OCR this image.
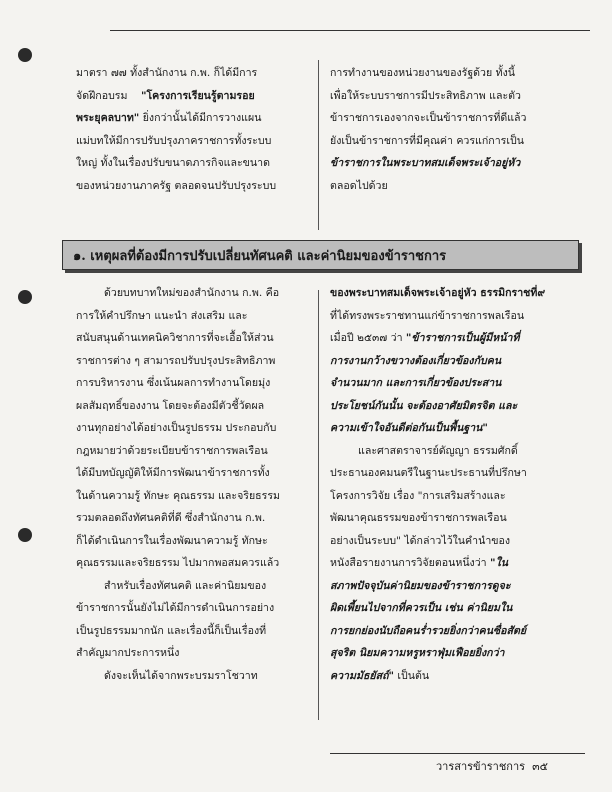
มาตรา ๗๗ ทั้งสำนักงาน ก.พ. ก็ได้มีการ

จัดฝึกอบรม "โครงการเรียนรู้ตามรอย

พระยุคลบาท" ยิ่งกว่านั้นได้มีการวางแผน

แม่บทให้มีการปรับปรุงภาคราชการทั้งระบบ

ใหญ่ ทั้งในเรื่องปรับขนาดภารกิจและขนาด

ของหน่วยงานภาครัฐ ตลอดจนปรับปรุงระบบ

การทำงานของหน่วยงานของรัฐด้วย ทั้งนี้

เพื่อให้ระบบราชการมีประสิทธิภาพ และตัว

ข้าราชการเองจากจะเป็นข้าราชการที่ดีแล้ว

ยังเป็นข้าราชการที่มีคุณค่า ควรแก่การเป็น

ข้าราชการในพระบาทสมเด็จพระเจ้าอยู่หัว

ตลอดไปด้วย

๑. เหตุผลที่ต้องมีการปรับเปลี่ยนทัศนคติ และค่านิยมของข้าราชการ

ด้วยบทบาทใหม่ของสำนักงาน ก.พ. คือ

การให้คำปรึกษา แนะนำ ส่งเสริม และ

สนับสนุนด้านเทคนิควิชาการที่จะเอื้อให้ส่วน

ราชการต่าง ๆ สามารถปรับปรุงประสิทธิภาพ

การบริหารงาน ซึ่งเน้นผลการทำงานโดยมุ่ง

ผลสัมฤทธิ์ของงาน โดยจะต้องมีตัวชี้วัดผล

งานทุกอย่างได้อย่างเป็นรูปธรรม ประกอบกับ

กฎหมายว่าด้วยระเบียบข้าราชการพลเรือน

ได้มีบทบัญญัติให้มีการพัฒนาข้าราชการทั้ง

ในด้านความรู้ ทักษะ คุณธรรม และจริยธรรม

รวมตลอดถึงทัศนคติที่ดี ซึ่งสำนักงาน ก.พ.

ก็ได้ดำเนินการในเรื่องพัฒนาความรู้ ทักษะ

คุณธรรมและจริยธรรม ไปมากพอสมควรแล้ว

สำหรับเรื่องทัศนคติ และค่านิยมของ

ข้าราชการนั้นยังไม่ได้มีการดำเนินการอย่าง

เป็นรูปธรรมมากนัก และเรื่องนี้ก็เป็นเรื่องที่

สำคัญมากประการหนึ่ง

ดังจะเห็นได้จากพระบรมราโชวาท

ของพระบาทสมเด็จพระเจ้าอยู่หัว ธรรมิกราชที่๙

ที่ได้ทรงพระราชทานแก่ข้าราชการพลเรือน

เมื่อปี ๒๕๓๗ ว่า "ข้าราชการเป็นผู้มีหน้าที่

การงานกว้างขวางต้องเกี่ยวข้องกับคน

จำนวนมาก และการเกี่ยวข้องประสาน

ประโยชน์กันนั้น จะต้องอาศัยมิตรจิต และ

ความเข้าใจอันดีต่อกันเป็นพื้นฐาน"

และศาสตราจารย์ดัญญา ธรรมศักดิ์

ประธานองคมนตรีในฐานะประธานที่ปรึกษา

โครงการวิจัย เรื่อง "การเสริมสร้างและ

พัฒนาคุณธรรมของข้าราชการพลเรือน

อย่างเป็นระบบ" ได้กล่าวไว้ในคำนำของ

หนังสือรายงานการวิจัยตอนหนึ่งว่า "ใน

สภาพปัจจุบันค่านิยมของข้าราชการดูจะ

ผิดเพี้ยนไปจากที่ควรเป็น เช่น ค่านิยมใน

การยกย่องนับถือคนร่ำรวยยิ่งกว่าคนซื่อสัตย์

สุจริต นิยมความหรูหราฟุ่มเฟือยยิ่งกว่า

ความมัธยัสถ์" เป็นต้น

วารสารข้าราชการ ๓๕
